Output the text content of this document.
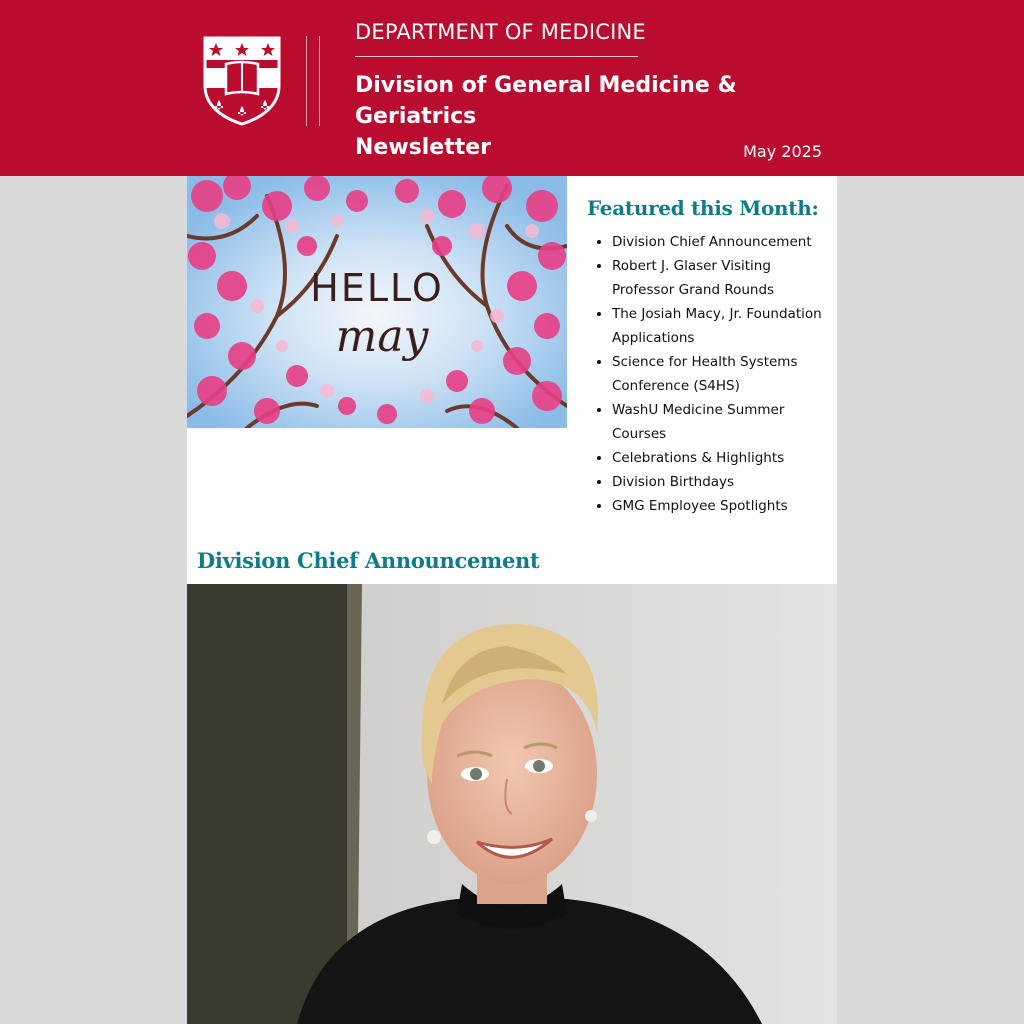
DEPARTMENT OF MEDICINE
Division of General Medicine & Geriatrics
Newsletter	May 2025
HELLO
may
Featured this Month:
• Division Chief Announcement
• Robert J. Glaser Visiting Professor Grand Rounds
• The Josiah Macy, Jr. Foundation Applications
• Science for Health Systems Conference (S4HS)
• WashU Medicine Summer Courses
• Celebrations & Highlights
• Division Birthdays
• GMG Employee Spotlights
Division Chief Announcement
